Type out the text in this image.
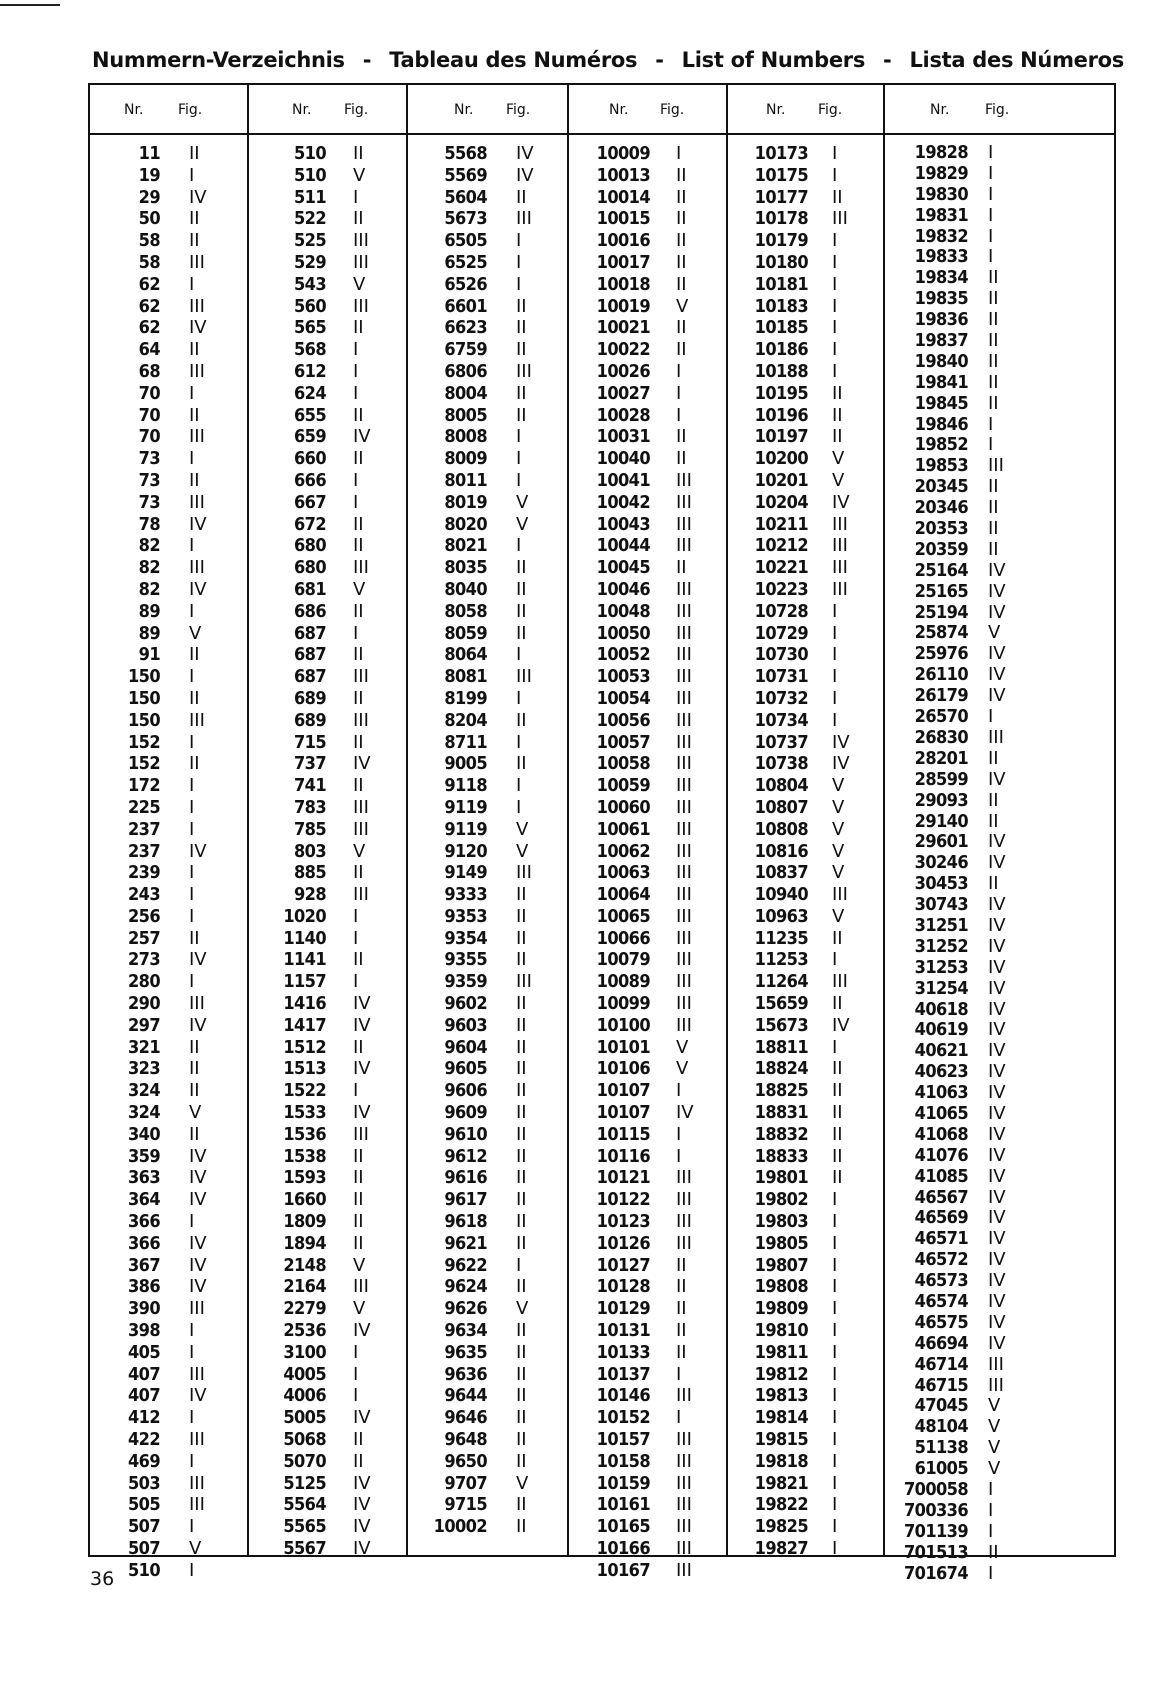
Nummern-Verzeichnis - Tableau des Numéros - List of Numbers - Lista des Números
Nr. Fig.
11 II
19 I
29 IV
50 II
58 II
58 III
62 I
62 III
62 IV
64 II
68 III
70 I
70 II
70 III
73 I
73 II
73 III
78 IV
82 I
82 III
82 IV
89 I
89 V
91 II
150 I
150 II
150 III
152 I
152 II
172 I
225 I
237 I
237 IV
239 I
243 I
256 I
257 II
273 IV
280 I
290 III
297 IV
321 II
323 II
324 II
324 V
340 II
359 IV
363 IV
364 IV
366 I
366 IV
367 IV
386 IV
390 III
398 I
405 I
407 III
407 IV
412 I
422 III
469 I
503 III
505 III
507 I
507 V
510 I
Nr. Fig.
510 II
510 V
511 I
522 II
525 III
529 III
543 V
560 III
565 II
568 I
612 I
624 I
655 II
659 IV
660 II
666 I
667 I
672 II
680 II
680 III
681 V
686 II
687 I
687 II
687 III
689 II
689 III
715 II
737 IV
741 II
783 III
785 III
803 V
885 II
928 III
1020 I
1140 I
1141 II
1157 I
1416 IV
1417 IV
1512 II
1513 IV
1522 I
1533 IV
1536 III
1538 II
1593 II
1660 II
1809 II
1894 II
2148 V
2164 III
2279 V
2536 IV
3100 I
4005 I
4006 I
5005 IV
5068 II
5070 II
5125 IV
5564 IV
5565 IV
5567 IV
Nr. Fig.
5568 IV
5569 IV
5604 II
5673 III
6505 I
6525 I
6526 I
6601 II
6623 II
6759 II
6806 III
8004 II
8005 II
8008 I
8009 I
8011 I
8019 V
8020 V
8021 I
8035 II
8040 II
8058 II
8059 II
8064 I
8081 III
8199 I
8204 II
8711 I
9005 II
9118 I
9119 I
9119 V
9120 V
9149 III
9333 II
9353 II
9354 II
9355 II
9359 III
9602 II
9603 II
9604 II
9605 II
9606 II
9609 II
9610 II
9612 II
9616 II
9617 II
9618 II
9621 II
9622 I
9624 II
9626 V
9634 II
9635 II
9636 II
9644 II
9646 II
9648 II
9650 II
9707 V
9715 II
10002 II
Nr. Fig.
10009 I
10013 II
10014 II
10015 II
10016 II
10017 II
10018 II
10019 V
10021 II
10022 II
10026 I
10027 I
10028 I
10031 II
10040 II
10041 III
10042 III
10043 III
10044 III
10045 II
10046 III
10048 III
10050 III
10052 III
10053 III
10054 III
10056 III
10057 III
10058 III
10059 III
10060 III
10061 III
10062 III
10063 III
10064 III
10065 III
10066 III
10079 III
10089 III
10099 III
10100 III
10101 V
10106 V
10107 I
10107 IV
10115 I
10116 I
10121 III
10122 III
10123 III
10126 III
10127 II
10128 II
10129 II
10131 II
10133 II
10137 I
10146 III
10152 I
10157 III
10158 III
10159 III
10161 III
10165 III
10166 III
10167 III
Nr. Fig.
10173 I
10175 I
10177 II
10178 III
10179 I
10180 I
10181 I
10183 I
10185 I
10186 I
10188 I
10195 II
10196 II
10197 II
10200 V
10201 V
10204 IV
10211 III
10212 III
10221 III
10223 III
10728 I
10729 I
10730 I
10731 I
10732 I
10734 I
10737 IV
10738 IV
10804 V
10807 V
10808 V
10816 V
10837 V
10940 III
10963 V
11235 II
11253 I
11264 III
15659 II
15673 IV
18811 I
18824 II
18825 II
18831 II
18832 II
18833 II
19801 II
19802 I
19803 I
19805 I
19807 I
19808 I
19809 I
19810 I
19811 I
19812 I
19813 I
19814 I
19815 I
19818 I
19821 I
19822 I
19825 I
19827 I
Nr.	Fig.
19828 I
19829 I
19830 I
19831 I
19832 I
19833 I
19834 II
19835 II
19836 II
19837 II
19840 II
19841 II
19845 II
19846 I
19852 I
19853 III
20345 II
20346 II
20353 II
20359 II
25164 IV
25165 IV
25194 IV
25874 V
25976 IV
26110 IV
26179 IV
26570 I
26830 III
28201 II
28599 IV
29093 II
29140 II
29601 IV
30246 IV
30453 II
30743 IV
31251 IV
31252 IV
31253 IV
31254 IV
40618 IV
40619 IV
40621 IV
40623 IV
41063 IV
41065 IV
41068 IV
41076 IV
41085 IV
46567 IV
46569 IV
46571 IV
46572 IV
46573 IV
46574 IV
46575 IV
46694 IV
46714 III
46715 III
47045 V
48104 V
51138 V
61005 V
700058 I
700336 I
701139 I
701513 II
701674 I
36
